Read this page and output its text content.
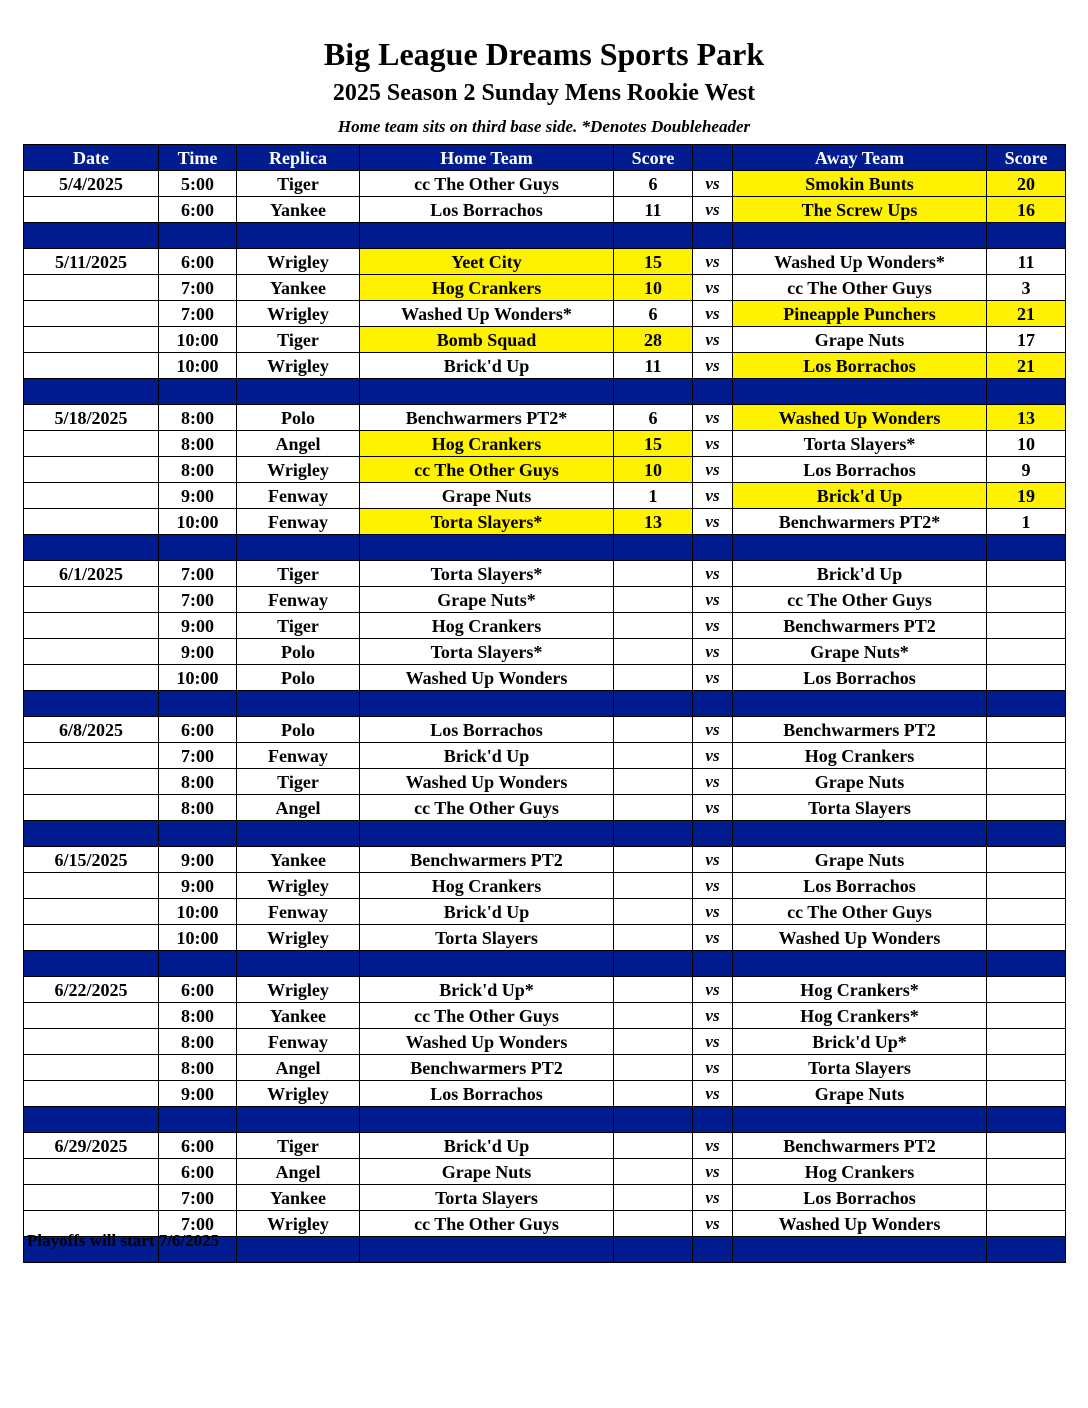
Big League Dreams Sports Park
2025 Season 2 Sunday Mens Rookie West
Home team sits on third base side. *Denotes Doubleheader
Date	Time	Replica	Home Team	Score		Away Team	Score
5/4/2025	5:00	Tiger	cc The Other Guys	6	vs	Smokin Bunts	20
	6:00	Yankee	Los Borrachos	11	vs	The Screw Ups	16

5/11/2025	6:00	Wrigley	Yeet City	15	vs	Washed Up Wonders*	11
	7:00	Yankee	Hog Crankers	10	vs	cc The Other Guys	3
	7:00	Wrigley	Washed Up Wonders*	6	vs	Pineapple Punchers	21
	10:00	Tiger	Bomb Squad	28	vs	Grape Nuts	17
	10:00	Wrigley	Brick'd Up	11	vs	Los Borrachos	21

5/18/2025	8:00	Polo	Benchwarmers PT2*	6	vs	Washed Up Wonders	13
	8:00	Angel	Hog Crankers	15	vs	Torta Slayers*	10
	8:00	Wrigley	cc The Other Guys	10	vs	Los Borrachos	9
	9:00	Fenway	Grape Nuts	1	vs	Brick'd Up	19
	10:00	Fenway	Torta Slayers*	13	vs	Benchwarmers PT2*	1

6/1/2025	7:00	Tiger	Torta Slayers*		vs	Brick'd Up	
	7:00	Fenway	Grape Nuts*		vs	cc The Other Guys	
	9:00	Tiger	Hog Crankers		vs	Benchwarmers PT2	
	9:00	Polo	Torta Slayers*		vs	Grape Nuts*	
	10:00	Polo	Washed Up Wonders		vs	Los Borrachos	

6/8/2025	6:00	Polo	Los Borrachos		vs	Benchwarmers PT2	
	7:00	Fenway	Brick'd Up		vs	Hog Crankers	
	8:00	Tiger	Washed Up Wonders		vs	Grape Nuts	
	8:00	Angel	cc The Other Guys		vs	Torta Slayers	

6/15/2025	9:00	Yankee	Benchwarmers PT2		vs	Grape Nuts	
	9:00	Wrigley	Hog Crankers		vs	Los Borrachos	
	10:00	Fenway	Brick'd Up		vs	cc The Other Guys	
	10:00	Wrigley	Torta Slayers		vs	Washed Up Wonders	

6/22/2025	6:00	Wrigley	Brick'd Up*		vs	Hog Crankers*	
	8:00	Yankee	cc The Other Guys		vs	Hog Crankers*	
	8:00	Fenway	Washed Up Wonders		vs	Brick'd Up*	
	8:00	Angel	Benchwarmers PT2		vs	Torta Slayers	
	9:00	Wrigley	Los Borrachos		vs	Grape Nuts	

6/29/2025	6:00	Tiger	Brick'd Up		vs	Benchwarmers PT2	
	6:00	Angel	Grape Nuts		vs	Hog Crankers	
	7:00	Yankee	Torta Slayers		vs	Los Borrachos	
	7:00	Wrigley	cc The Other Guys		vs	Washed Up Wonders	

Playoffs will start 7/6/2025
